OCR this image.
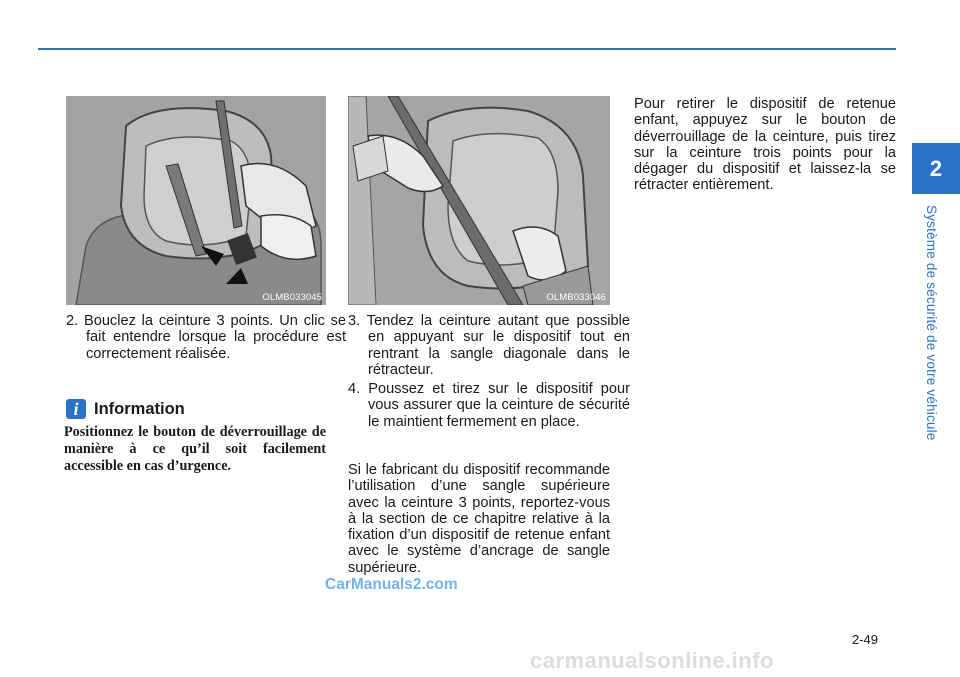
2
Système de sécurité de votre véhicule
OLMB033045	OLMB033046
2. Bouclez la ceinture 3 points. Un clic se fait entendre lorsque la procédure est correctement réalisée.
i Information
Positionnez le bouton de déverrouillage de manière à ce qu’il soit facilement accessible en cas d’urgence.
3. Tendez la ceinture autant que possible en appuyant sur le dispositif tout en rentrant la sangle diagonale dans le rétracteur.
4. Poussez et tirez sur le dispositif pour vous assurer que la ceinture de sécurité le maintient fermement en place.
Si le fabricant du dispositif recommande l’utilisation d’une sangle supérieure avec la ceinture 3 points, reportez-vous à la section de ce chapitre relative à la fixation d’un dispositif de retenue enfant avec le système d’ancrage de sangle supérieure.
Pour retirer le dispositif de retenue enfant, appuyez sur le bouton de déverrouillage de la ceinture, puis tirez sur la ceinture trois points pour la dégager du dispositif et laissez-la se rétracter entièrement.
CarManuals2.com
2-49
carmanualsonline.info
